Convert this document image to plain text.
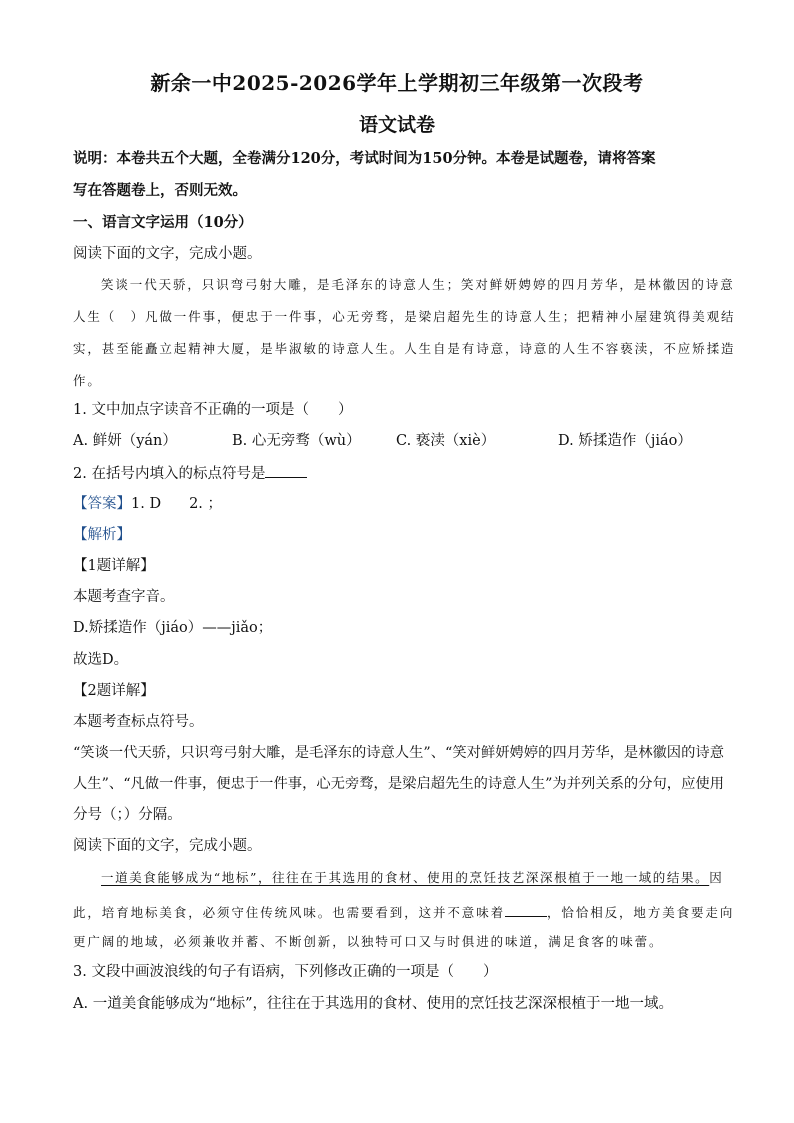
新余一中2025-2026学年上学期初三年级第一次段考
语文试卷
说明：本卷共五个大题，全卷满分120分，考试时间为150分钟。本卷是试题卷，请将答案
写在答题卷上，否则无效。
一、语言文字运用（10分）
阅读下面的文字，完成小题。
笑谈一代天骄，只识弯弓射大雕，是毛泽东的诗意人生；笑对鲜妍娉婷的四月芳华，是林徽因的诗意
人生（　）凡做一件事，便忠于一件事，心无旁骛，是梁启超先生的诗意人生；把精神小屋建筑得美观结
实，甚至能矗立起精神大厦，是毕淑敏的诗意人生。人生自是有诗意，诗意的人生不容亵渎，不应矫揉造
作。
1. 文中加点字读音不正确的一项是（　　）
A. 鲜妍（yán）	B. 心无旁骛（wù） C. 亵渎（xiè）	D. 矫揉造作（jiáo）
2. 在括号内填入的标点符号是
【答案】1. D 2. ；
【解析】
【1题详解】
本题考查字音。
D.矫揉造作（jiáo）——jiǎo；
故选D。
【2题详解】
本题考查标点符号。
“笑谈一代天骄，只识弯弓射大雕，是毛泽东的诗意人生”、“笑对鲜妍娉婷的四月芳华，是林徽因的诗意
人生”、“凡做一件事，便忠于一件事，心无旁骛，是梁启超先生的诗意人生”为并列关系的分句，应使用
分号（；）分隔。
阅读下面的文字，完成小题。
一道美食能够成为“地标”，往往在于其选用的食材、使用的烹饪技艺深深根植于一地一域的结果。因
此，培育地标美食，必须守住传统风味。也需要看到，这并不意味着	，恰恰相反，地方美食要走向
更广阔的地域，必须兼收并蓄、不断创新，以独特可口又与时俱进的味道，满足食客的味蕾。
3. 文段中画波浪线的句子有语病，下列修改正确的一项是（　　）
A. 一道美食能够成为“地标”，往往在于其选用的食材、使用的烹饪技艺深深根植于一地一域。
